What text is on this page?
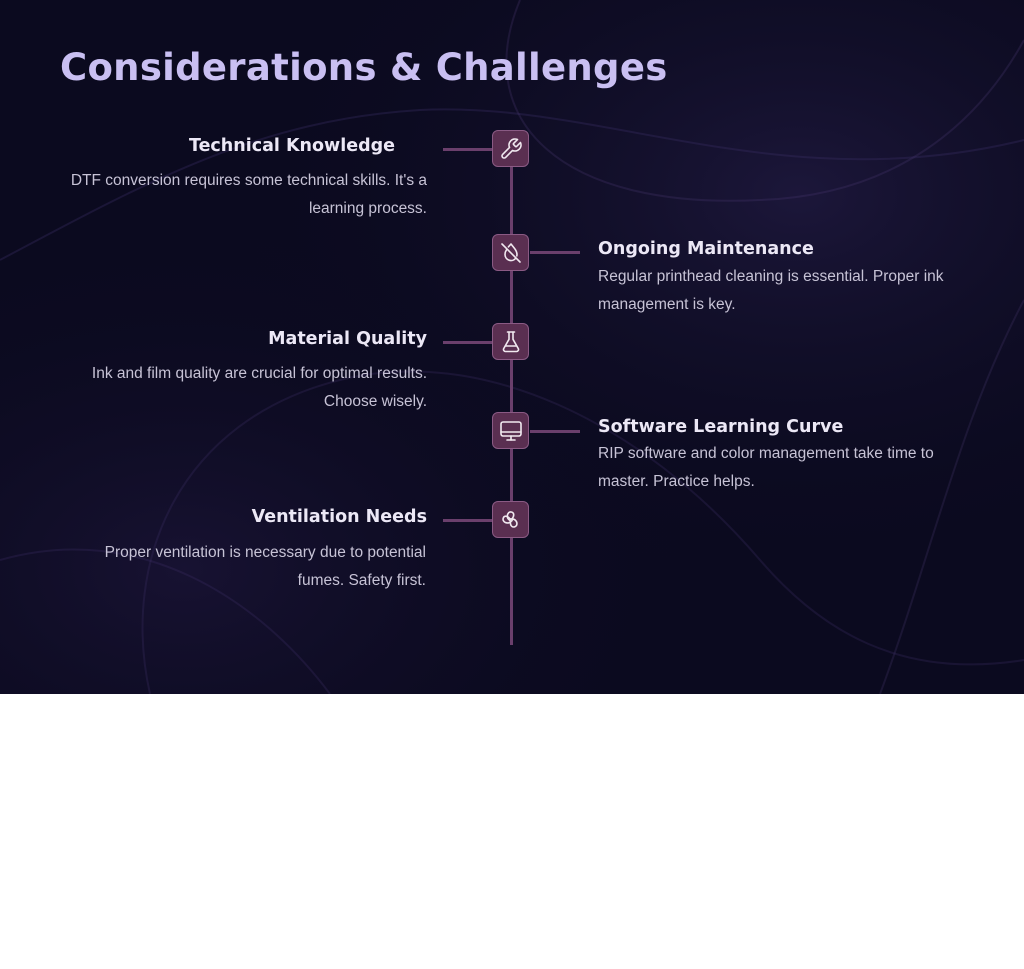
Considerations & Challenges
Technical Knowledge

DTF conversion requires some technical skills. It's a learning process.

Ongoing Maintenance

Regular printhead cleaning is essential. Proper ink management is key.

Material Quality

Ink and film quality are crucial for optimal results. Choose wisely.

Software Learning Curve

RIP software and color management take time to master. Practice helps.

Ventilation Needs

Proper ventilation is necessary due to potential fumes. Safety first.
